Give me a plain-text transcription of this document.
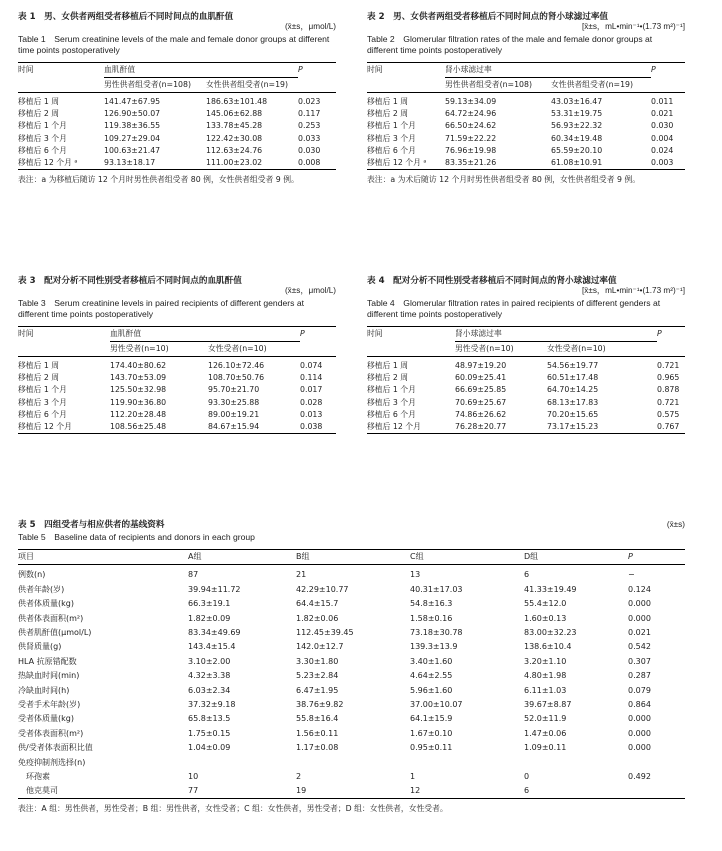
表 1　男、女供者两组受者移植后不同时间点的血肌酐值
(x̄±s，μmol/L)
Table 1　Serum creatinine levels of the male and female donor groups at different time points postoperatively
时间	血肌酐值		P
	男性供者组受者(n=108)	女性供者组受者(n=19)	
移植后 1 周	141.47±67.95	186.63±101.48	0.023
移植后 2 周	126.90±50.07	145.06±62.88	0.117
移植后 1 个月	119.38±36.55	133.78±45.28	0.253
移植后 3 个月	109.27±29.04	122.42±30.08	0.033
移植后 6 个月	100.63±21.47	112.63±24.76	0.030
移植后 12 个月 ᵃ	93.13±18.17	111.00±23.02	0.008
表注：a 为移植后随访 12 个月时男性供者组受者 80 例，女性供者组受者 9 例。
表 2　男、女供者两组受者移植后不同时间点的肾小球滤过率值
[x̄±s，mL•min⁻¹•(1.73 m²)⁻¹]
Table 2　Glomerular filtration rates of the male and female donor groups at different time points postoperatively
时间	肾小球滤过率		P
	男性供者组受者(n=108)	女性供者组受者(n=19)	
移植后 1 周	59.13±34.09	43.03±16.47	0.011
移植后 2 周	64.72±24.96	53.31±19.75	0.021
移植后 1 个月	66.50±24.62	56.93±22.32	0.030
移植后 3 个月	71.59±22.22	60.34±19.48	0.004
移植后 6 个月	76.96±19.98	65.59±20.10	0.024
移植后 12 个月 ᵃ	83.35±21.26	61.08±10.91	0.003
表注：a 为术后随访 12 个月时男性供者组受者 80 例，女性供者组受者 9 例。
表 3　配对分析不同性别受者移植后不同时间点的血肌酐值
(x̄±s，μmol/L)
Table 3　Serum creatinine levels in paired recipients of different genders at different time points postoperatively
时间	血肌酐值		P
	男性受者(n=10)	女性受者(n=10)	
移植后 1 周	174.40±80.62	126.10±72.46	0.074
移植后 2 周	143.70±53.09	108.70±50.76	0.114
移植后 1 个月	125.50±32.98	95.70±21.70	0.017
移植后 3 个月	119.90±36.80	93.30±25.88	0.028
移植后 6 个月	112.20±28.48	89.00±19.21	0.013
移植后 12 个月	108.56±25.48	84.67±15.94	0.038
表 4　配对分析不同性别受者移植后不同时间点的肾小球滤过率值
[x̄±s，mL•min⁻¹•(1.73 m²)⁻¹]
Table 4　Glomerular filtration rates in paired recipients of different genders at different time points postoperatively
时间	肾小球滤过率		P
	男性受者(n=10)	女性受者(n=10)	
移植后 1 周	48.97±19.20	54.56±19.77	0.721
移植后 2 周	60.09±25.41	60.51±17.48	0.965
移植后 1 个月	66.69±25.85	64.70±14.25	0.878
移植后 3 个月	70.69±25.67	68.13±17.83	0.721
移植后 6 个月	74.86±26.62	70.20±15.65	0.575
移植后 12 个月	76.28±20.77	73.17±15.23	0.767
表 5　四组受者与相应供者的基线资料	(x̄±s)
Table 5　Baseline data of recipients and donors in each group
项目	A组	B组	C组	D组	P
例数(n)	87	21	13	6	−
供者年龄(岁)	39.94±11.72	42.29±10.77	40.31±17.03	41.33±19.49	0.124
供者体质量(kg)	66.3±19.1	64.4±15.7	54.8±16.3	55.4±12.0	0.000
供者体表面积(m²)	1.82±0.09	1.82±0.06	1.58±0.16	1.60±0.13	0.000
供者肌酐值(μmol/L)	83.34±49.69	112.45±39.45	73.18±30.78	83.00±32.23	0.021
供肾质量(g)	143.4±15.4	142.0±12.7	139.3±13.9	138.6±10.4	0.542
HLA 抗原错配数	3.10±2.00	3.30±1.80	3.40±1.60	3.20±1.10	0.307
热缺血时间(min)	4.32±3.38	5.23±2.84	4.64±2.55	4.80±1.98	0.287
冷缺血时间(h)	6.03±2.34	6.47±1.95	5.96±1.60	6.11±1.03	0.079
受者手术年龄(岁)	37.32±9.18	38.76±9.82	37.00±10.07	39.67±8.87	0.864
受者体质量(kg)	65.8±13.5	55.8±16.4	64.1±15.9	52.0±11.9	0.000
受者体表面积(m²)	1.75±0.15	1.56±0.11	1.67±0.10	1.47±0.06	0.000
供/受者体表面积比值	1.04±0.09	1.17±0.08	0.95±0.11	1.09±0.11	0.000
免疫抑制剂选择(n)					
　环孢素	10	2	1	0	0.492
　他克莫司	77	19	12	6	
表注：A 组：男性供者，男性受者；B 组：男性供者，女性受者；C 组：女性供者，男性受者；D 组：女性供者，女性受者。
